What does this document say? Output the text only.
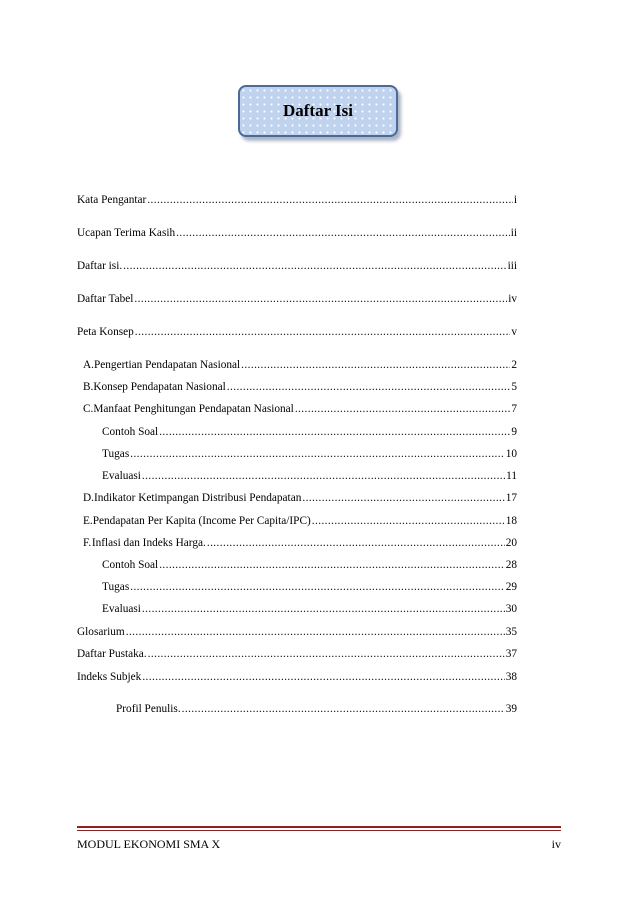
Daftar Isi
Kata Pengantar .....	i
Ucapan Terima Kasih .....	ii
Daftar isi. .....	iii
Daftar Tabel .....	iv
Peta Konsep .....	v
A. Pengertian Pendapatan Nasional .....	2
B. Konsep Pendapatan Nasional .....	5
C. Manfaat Penghitungan Pendapatan Nasional .....	7
Contoh Soal .....	9
Tugas .....	10
Evaluasi .....	11
D. Indikator Ketimpangan Distribusi Pendapatan .....	17
E. Pendapatan Per Kapita (Income Per Capita/IPC) .....	18
F. Inflasi dan Indeks Harga. .....	20
Contoh Soal .....	28
Tugas .....	29
Evaluasi .....	30
Glosarium .....	35
Daftar Pustaka. .....	37
Indeks Subjek .....	38
Profil Penulis. .....	39
MODUL EKONOMI SMA X	iv
